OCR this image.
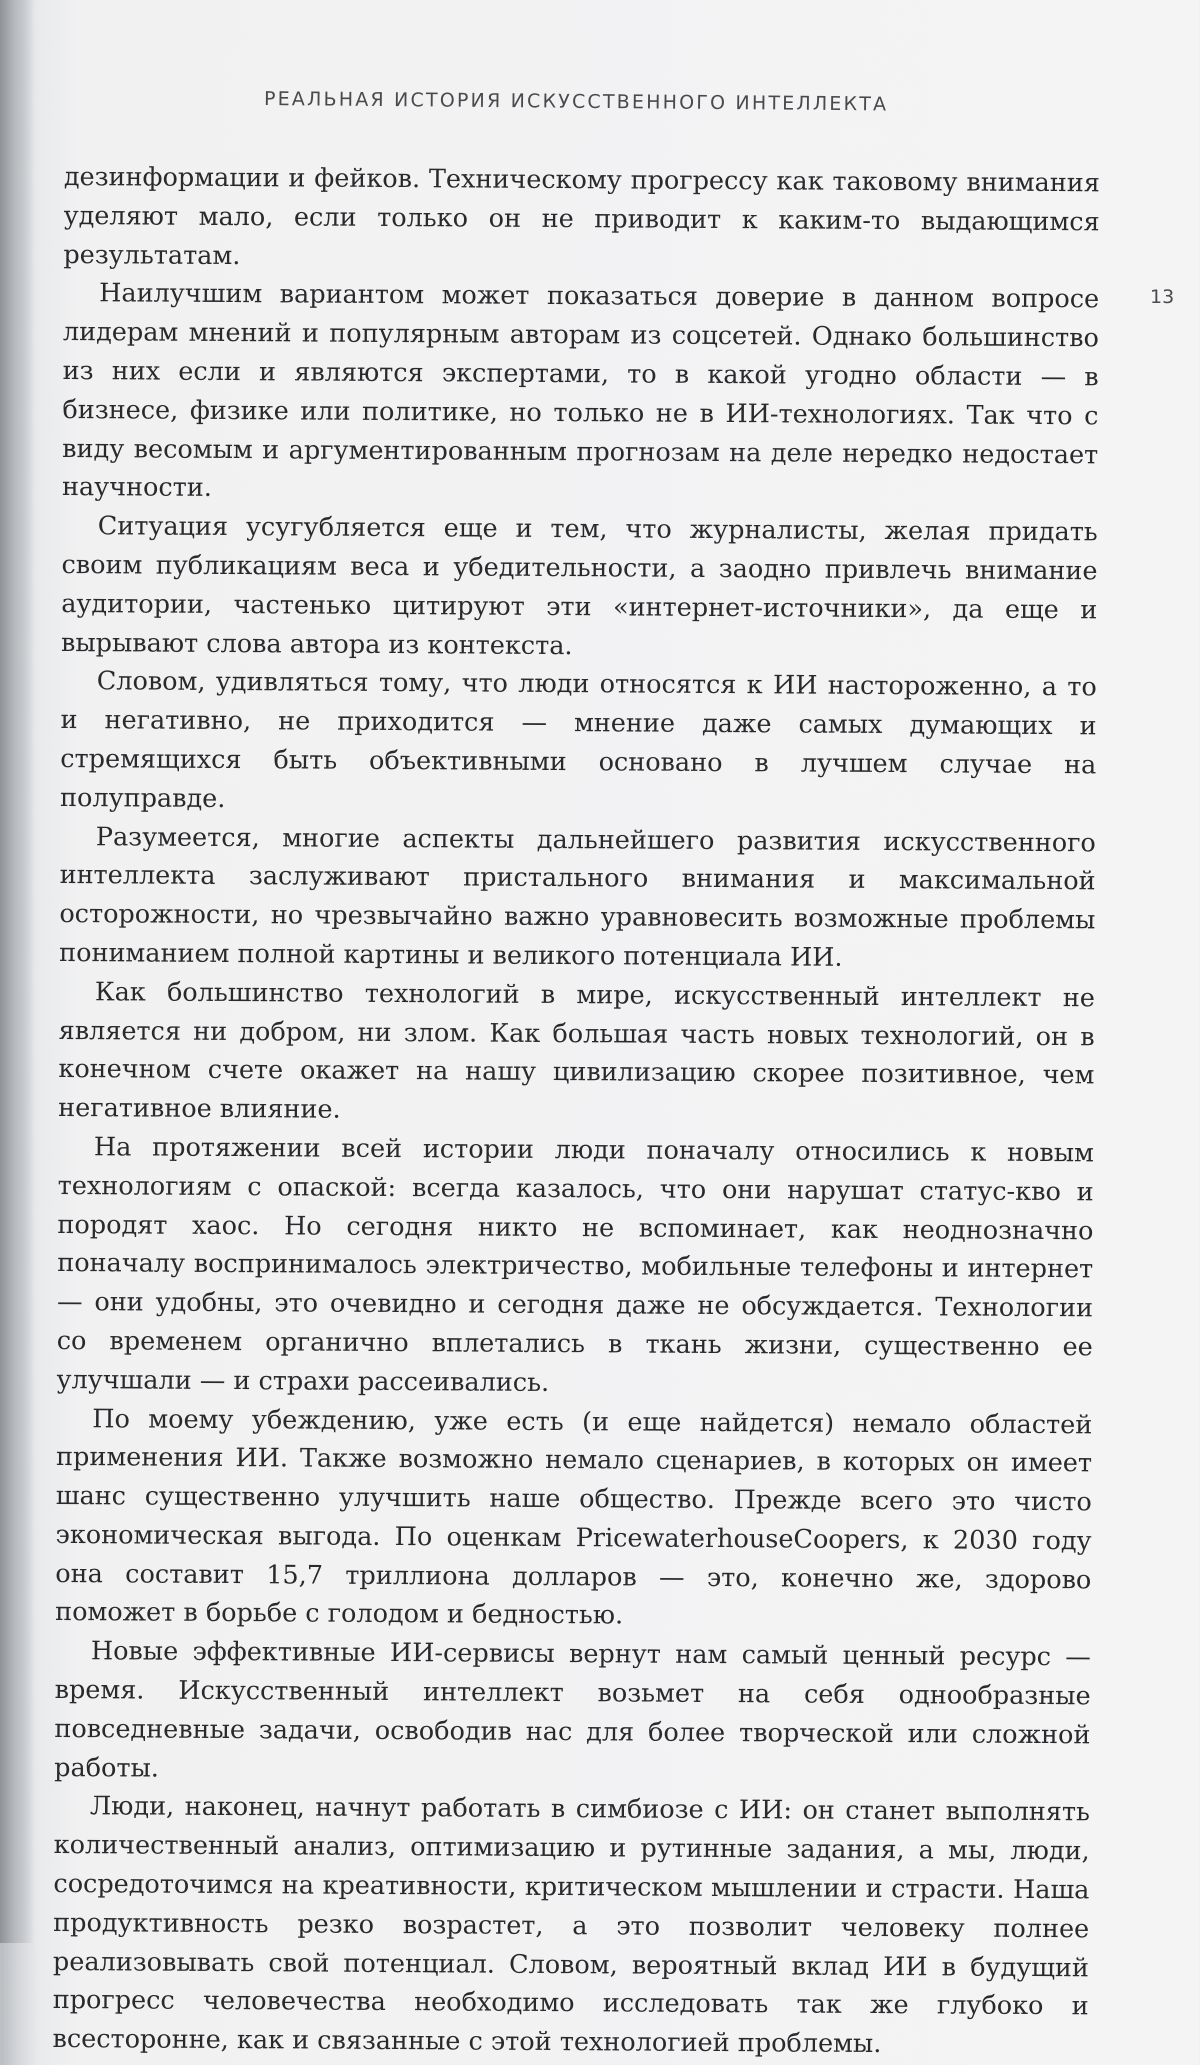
РЕАЛЬНАЯ ИСТОРИЯ ИСКУССТВЕННОГО ИНТЕЛЛЕКТА
13

дезинформации и фейков. Техническому прогрессу как таковому внимания уделяют мало, если только он не приводит к каким-то выдающимся результатам.

Наилучшим вариантом может показаться доверие в данном вопросе лидерам мнений и популярным авторам из соцсетей. Однако большинство из них если и являются экспертами, то в какой угодно области — в бизнесе, физике или политике, но только не в ИИ-технологиях. Так что с виду весомым и аргументированным прогнозам на деле нередко недостает научности.

Ситуация усугубляется еще и тем, что журналисты, желая придать своим публикациям веса и убедительности, а заодно привлечь внимание аудитории, частенько цитируют эти «интернет-источники», да еще и вырывают слова автора из контекста.

Словом, удивляться тому, что люди относятся к ИИ настороженно, а то и негативно, не приходится — мнение даже самых думающих и стремящихся быть объективными основано в лучшем случае на полуправде.

Разумеется, многие аспекты дальнейшего развития искусственного интеллекта заслуживают пристального внимания и максимальной осторожности, но чрезвычайно важно уравновесить возможные проблемы пониманием полной картины и великого потенциала ИИ.

Как большинство технологий в мире, искусственный интеллект не является ни добром, ни злом. Как большая часть новых технологий, он в конечном счете окажет на нашу цивилизацию скорее позитивное, чем негативное влияние.

На протяжении всей истории люди поначалу относились к новым технологиям с опаской: всегда казалось, что они нарушат статус-кво и породят хаос. Но сегодня никто не вспоминает, как неоднозначно поначалу воспринималось электричество, мобильные телефоны и интернет — они удобны, это очевидно и сегодня даже не обсуждается. Технологии со временем органично вплетались в ткань жизни, существенно ее улучшали — и страхи рассеивались.

По моему убеждению, уже есть (и еще найдется) немало областей применения ИИ. Также возможно немало сценариев, в которых он имеет шанс существенно улучшить наше общество. Прежде всего это чисто экономическая выгода. По оценкам PricewaterhouseCoopers, к 2030 году она составит 15,7 триллиона долларов — это, конечно же, здорово поможет в борьбе с голодом и бедностью.

Новые эффективные ИИ-сервисы вернут нам самый ценный ресурс — время. Искусственный интеллект возьмет на себя однообразные повседневные задачи, освободив нас для более творческой или сложной работы.

Люди, наконец, начнут работать в симбиозе с ИИ: он станет выполнять количественный анализ, оптимизацию и рутинные задания, а мы, люди, сосредоточимся на креативности, критическом мышлении и страсти. Наша продуктивность резко возрастет, а это позволит человеку полнее реализовывать свой потенциал. Словом, вероятный вклад ИИ в будущий прогресс человечества необходимо исследовать так же глубоко и всесторонне, как и связанные с этой технологией проблемы.
